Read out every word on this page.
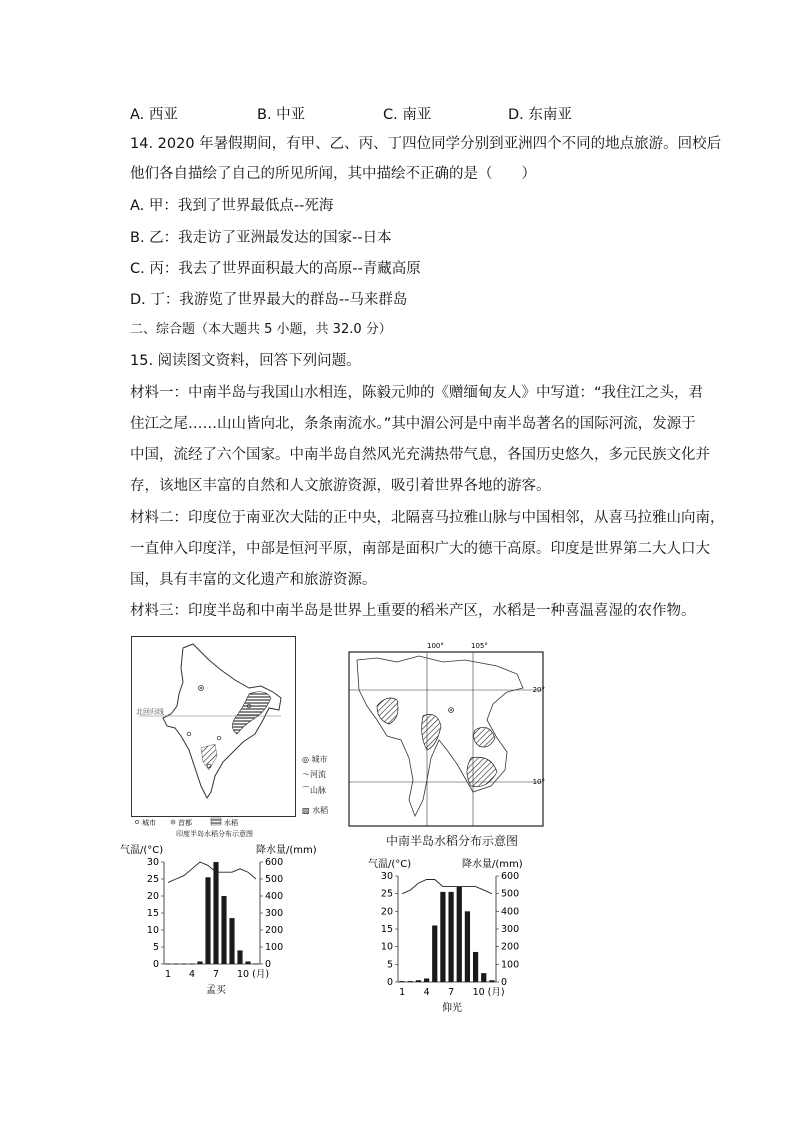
A. 西亚	B. 中亚	C. 南亚	D. 东南亚
14. 2020 年暑假期间，有甲、乙、丙、丁四位同学分别到亚洲四个不同的地点旅游。回校后
他们各自描绘了自己的所见所闻，其中描绘不正确的是（　　）
A. 甲：我到了世界最低点--死海
B. 乙：我走访了亚洲最发达的国家--日本
C. 丙：我去了世界面积最大的高原--青藏高原
D. 丁：我游览了世界最大的群岛--马来群岛
二、综合题（本大题共 5 小题，共 32.0 分）
15. 阅读图文资料，回答下列问题。
材料一：中南半岛与我国山水相连，陈毅元帅的《赠缅甸友人》中写道：“我住江之头，君
住江之尾……山山皆向北，条条南流水。”其中湄公河是中南半岛著名的国际河流，发源于
中国，流经了六个国家。中南半岛自然风光充满热带气息，各国历史悠久，多元民族文化并
存，该地区丰富的自然和人文旅游资源，吸引着世界各地的游客。
材料二：印度位于南亚次大陆的正中央，北隔喜马拉雅山脉与中国相邻，从喜马拉雅山向南，
一直伸入印度洋，中部是恒河平原，南部是面积广大的德干高原。印度是世界第二大人口大
国，具有丰富的文化遗产和旅游资源。
材料三：印度半岛和中南半岛是世界上重要的稻米产区，水稻是一种喜温喜湿的农作物。
北回归线
城市	首都	水稻
印度半岛水稻分布示意图
◎ 城市
〜河流
⌒山脉
▨ 水稻
100°	105°
20°
10°
中南半岛水稻分布示意图
气温/(°C)	降水量/(mm)
30
25
20
15
10
5
0
600
500
400
300
200
100
0
1 4 7 10 (月)
孟买
气温/(°C)	降水量/(mm)
30
25
20
15
10
5
0
600
500
400
300
200
100
0
1 4 7 10 (月)
仰光
